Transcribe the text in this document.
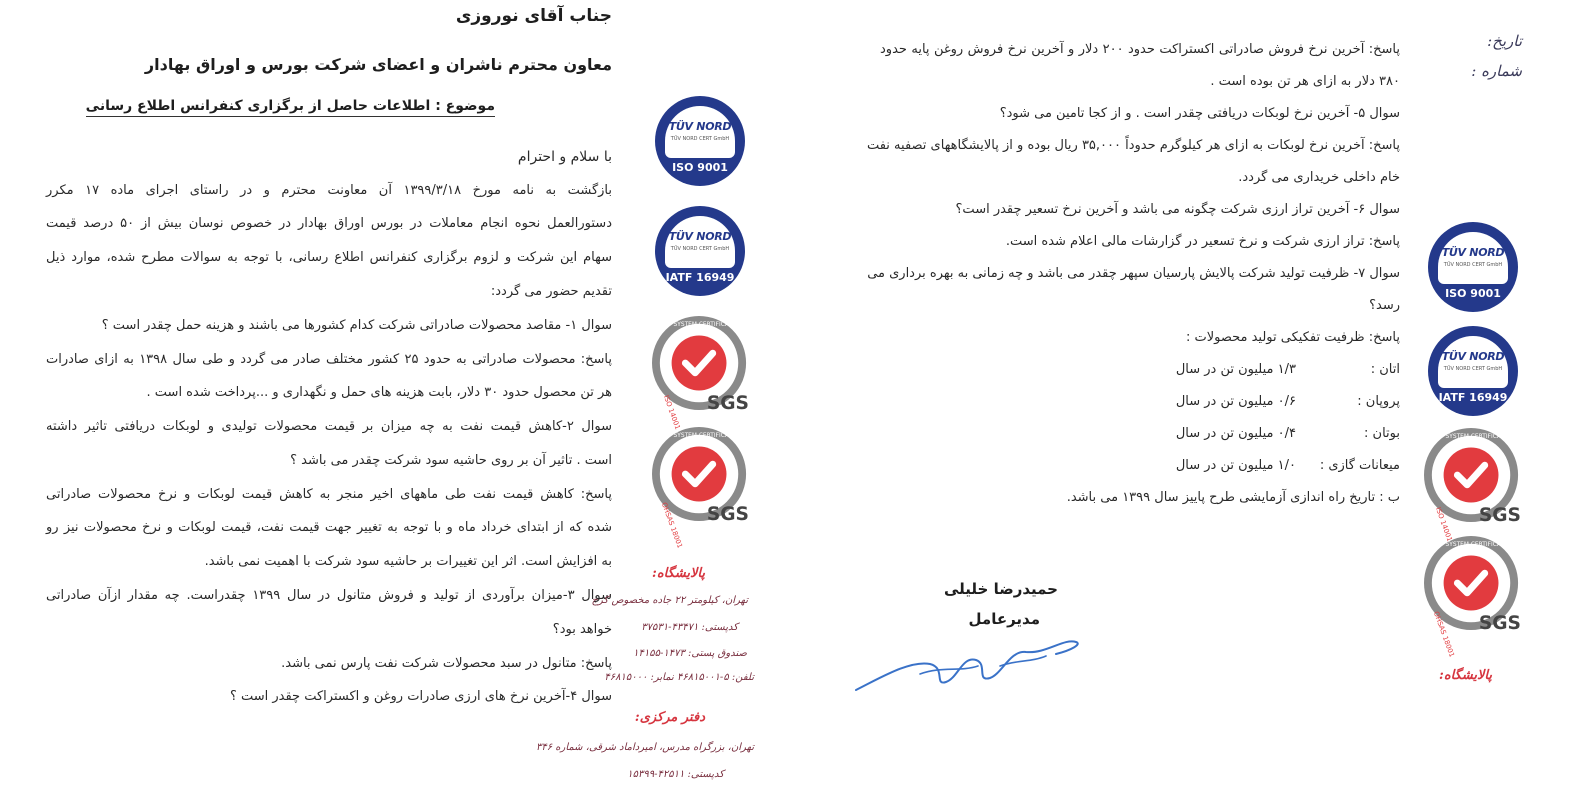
جناب آقای نوروزی
معاون محترم ناشران و اعضای شرکت بورس و اوراق بهادار
موضوع : اطلاعات حاصل از برگزاری کنفرانس اطلاع رسانی
با سلام و احترام
بازگشت به نامه مورخ ۱۳۹۹/۳/۱۸ آن معاونت محترم و در راستای اجرای ماده ۱۷ مکرر
دستورالعمل نحوه انجام معاملات در بورس اوراق بهادار در خصوص نوسان بیش از ۵۰ درصد قیمت
سهام این شرکت و لزوم برگزاری کنفرانس اطلاع رسانی، با توجه به سوالات مطرح شده، موارد ذیل
تقدیم حضور می گردد:
سوال ۱- مقاصد محصولات صادراتی شرکت کدام کشورها می باشند و هزینه حمل چقدر است ؟
پاسخ: محصولات صادراتی به حدود ۲۵ کشور مختلف صادر می گردد و طی سال ۱۳۹۸ به ازای صادرات
هر تن محصول حدود ۳۰ دلار، بابت هزینه های حمل و نگهداری و ...پرداخت شده است .
سوال ۲-کاهش قیمت نفت به چه میزان بر قیمت محصولات تولیدی و لوبکات دریافتی تاثیر داشته
است . تاثیر آن بر روی حاشیه سود شرکت چقدر می باشد ؟
پاسخ: کاهش قیمت نفت طی ماههای اخیر منجر به کاهش قیمت لوبکات و نرخ محصولات صادراتی
شده که از ابتدای خرداد ماه و با توجه به تغییر جهت قیمت نفت، قیمت لوبکات و نرخ محصولات نیز رو
به افزایش است. اثر این تغییرات بر حاشیه سود شرکت با اهمیت نمی باشد.
سوال ۳-میزان برآوردی از تولید و فروش متانول در سال ۱۳۹۹ چقدراست. چه مقدار ازآن صادراتی
خواهد بود؟
پاسخ: متانول در سبد محصولات شرکت نفت پارس نمی باشد.
سوال ۴-آخرین نرخ های ارزی صادرات روغن و اکستراکت چقدر است ؟
TÜV NORD
TÜV NORD CERT GmbH
ISO 9001
TÜV NORD
TÜV NORD CERT GmbH
IATF 16949
SGS
ISO 14001
SYSTEM CERTIFICATION
SGS
OHSAS 18001
SYSTEM CERTIFICATION
پالایشگاه:
تهران، کیلومتر ۲۲ جاده مخصوص کرج
کدپستی: ۴۳۴۷۱-۳۷۵۳۱
صندوق پستی: ۱۴۷۳-۱۴۱۵۵
تلفن: ۵-۴۶۸۱۵۰۰۱ نمابر: ۴۶۸۱۵۰۰۰
دفتر مرکزی:
تهران، بزرگراه مدرس، امیرداماد شرقی، شماره ۳۴۶
کدپستی: ۴۲۵۱۱-۱۵۳۹۹
تاریخ:
شماره :
پاسخ: آخرین نرخ فروش صادراتی اکستراکت حدود ۲۰۰ دلار و آخرین نرخ فروش روغن پایه حدود
۳۸۰ دلار به ازای هر تن بوده است .
سوال ۵- آخرین نرخ لوبکات دریافتی چقدر است . و از کجا تامین می شود؟
پاسخ: آخرین نرخ لوبکات به ازای هر کیلوگرم حدوداً ۳۵,۰۰۰ ریال بوده و از پالایشگاههای تصفیه نفت
خام داخلی خریداری می گردد.
سوال ۶- آخرین تراز ارزی شرکت چگونه می باشد و آخرین نرخ تسعیر چقدر است؟
پاسخ: تراز ارزی شرکت و نرخ تسعیر در گزارشات مالی اعلام شده است.
سوال ۷- ظرفیت تولید شرکت پالایش پارسیان سپهر چقدر می باشد و چه زمانی به بهره برداری می
رسد؟
پاسخ: ظرفیت تفکیکی تولید محصولات :
اتان :
۱/۳ میلیون تن در سال
پروپان :
۰/۶ میلیون تن در سال
بوتان :
۰/۴ میلیون تن در سال
میعانات گازی :
۱/۰ میلیون تن در سال
ب : تاریخ راه اندازی آزمایشی طرح پاییز سال ۱۳۹۹ می باشد.
حمیدرضا خلیلی
مدیرعامل
TÜV NORD
TÜV NORD CERT GmbH
ISO 9001
TÜV NORD
TÜV NORD CERT GmbH
IATF 16949
SGS
ISO 14001
SYSTEM CERTIFICATION
SGS
OHSAS 18001
SYSTEM CERTIFICATION
پالایشگاه:
